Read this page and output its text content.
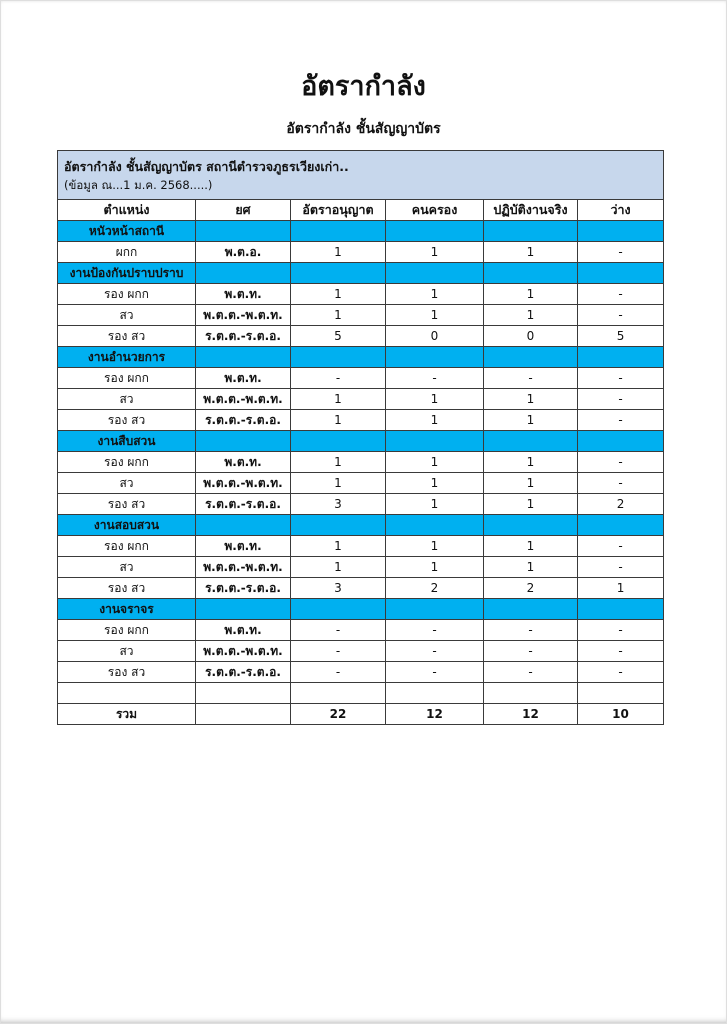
อัตรากำลัง
อัตรากำลัง ชั้นสัญญาบัตร
อัตรากำลัง ชั้นสัญญาบัตร สถานีตำรวจภูธรเวียงเก่า..
(ข้อมูล ณ...1 ม.ค. 2568.....)					

ตำแหน่ง	ยศ	อัตราอนุญาต	คนครอง	ปฏิบัติงานจริง	ว่าง
หนัวหน้าสถานี					
ผกก	พ.ต.อ.	1	1	1	-
งานป้องกันปราบปราบ					
รอง ผกก	พ.ต.ท.	1	1	1	-
สว	พ.ต.ต.-พ.ต.ท.	1	1	1	-
รอง สว	ร.ต.ต.-ร.ต.อ.	5	0	0	5
งานอำนวยการ					
รอง ผกก	พ.ต.ท.	-	-	-	-
สว	พ.ต.ต.-พ.ต.ท.	1	1	1	-
รอง สว	ร.ต.ต.-ร.ต.อ.	1	1	1	-
งานสืบสวน					
รอง ผกก	พ.ต.ท.	1	1	1	-
สว	พ.ต.ต.-พ.ต.ท.	1	1	1	-
รอง สว	ร.ต.ต.-ร.ต.อ.	3	1	1	2
งานสอบสวน					
รอง ผกก	พ.ต.ท.	1	1	1	-
สว	พ.ต.ต.-พ.ต.ท.	1	1	1	-
รอง สว	ร.ต.ต.-ร.ต.อ.	3	2	2	1
งานจราจร					
รอง ผกก	พ.ต.ท.	-	-	-	-
สว	พ.ต.ต.-พ.ต.ท.	-	-	-	-
รอง สว	ร.ต.ต.-ร.ต.อ.	-	-	-	-

รวม		22	12	12	10
